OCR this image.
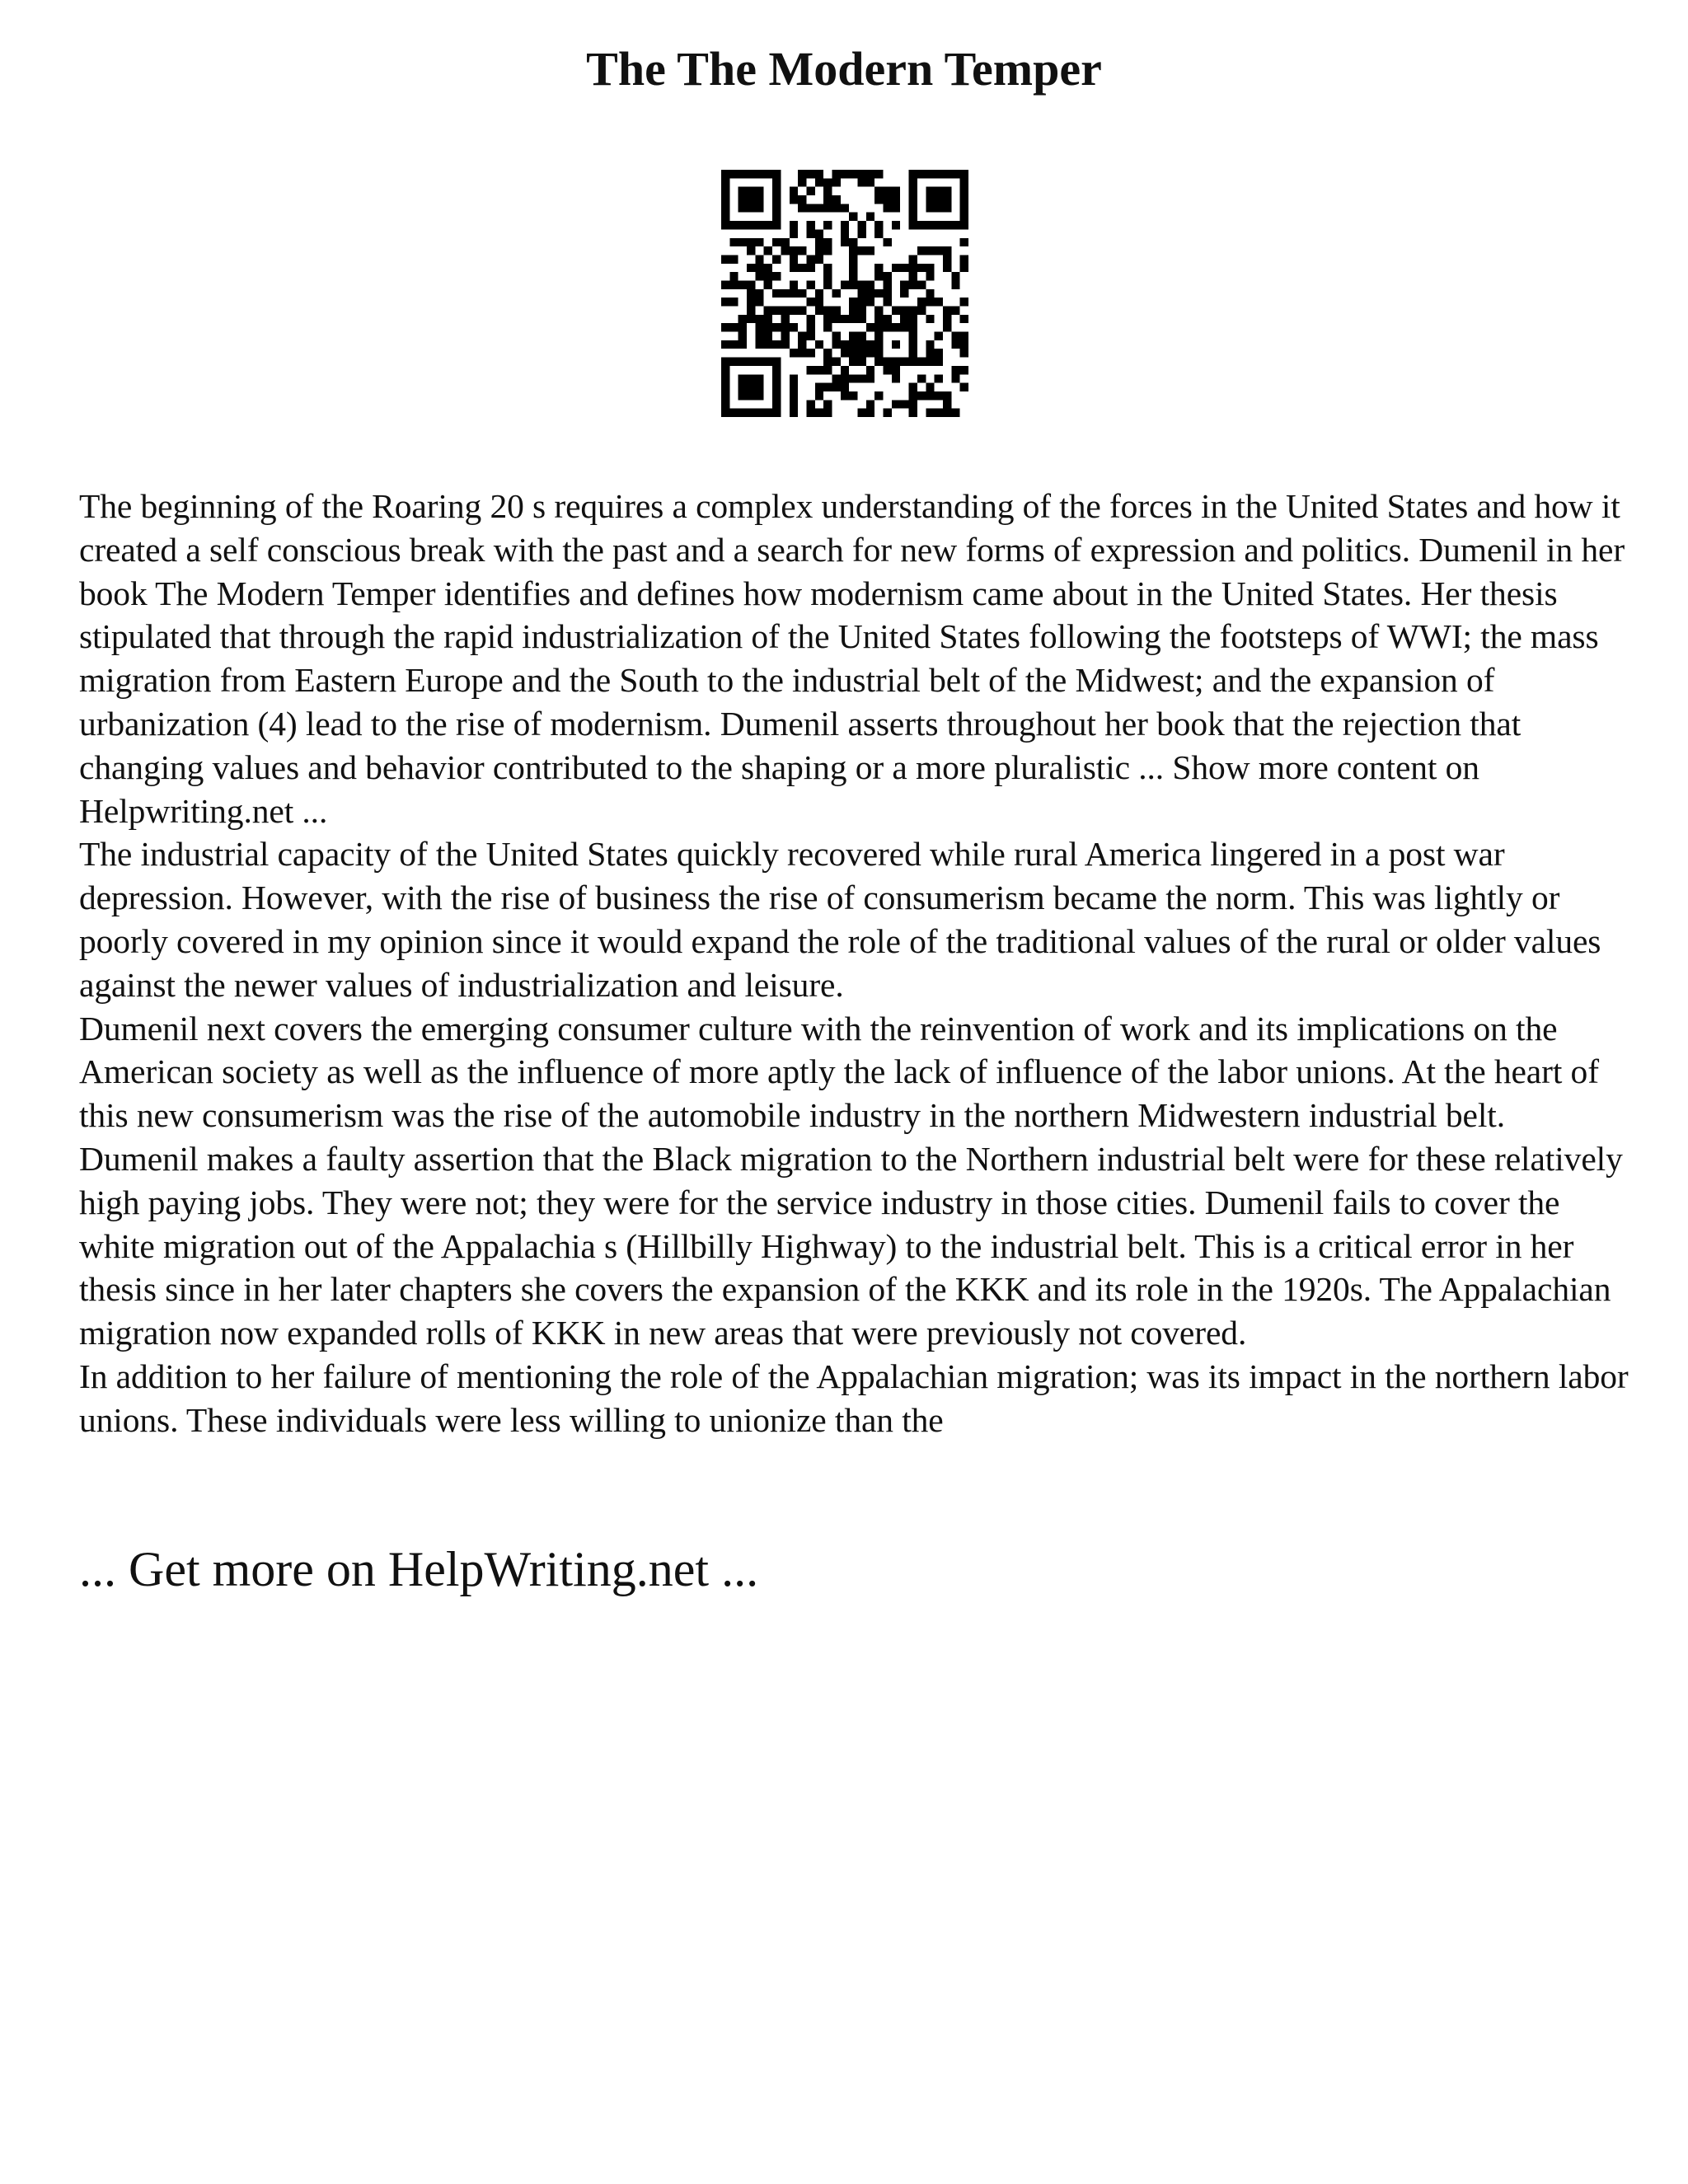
The The Modern Temper

The beginning of the Roaring 20 s requires a complex understanding of the forces in the United States and how it created a self conscious break with the past and a search for new forms of expression and politics. Dumenil in her book The Modern Temper identifies and defines how modernism came about in the United States. Her thesis stipulated that through the rapid industrialization of the United States following the footsteps of WWI; the mass migration from Eastern Europe and the South to the industrial belt of the Midwest; and the expansion of urbanization (4) lead to the rise of modernism. Dumenil asserts throughout her book that the rejection that changing values and behavior contributed to the shaping or a more pluralistic ... Show more content on Helpwriting.net ...

The industrial capacity of the United States quickly recovered while rural America lingered in a post war depression. However, with the rise of business the rise of consumerism became the norm. This was lightly or poorly covered in my opinion since it would expand the role of the traditional values of the rural or older values against the newer values of industrialization and leisure.

Dumenil next covers the emerging consumer culture with the reinvention of work and its implications on the American society as well as the influence of more aptly the lack of influence of the labor unions. At the heart of this new consumerism was the rise of the automobile industry in the northern Midwestern industrial belt. Dumenil makes a faulty assertion that the Black migration to the Northern industrial belt were for these relatively high paying jobs. They were not; they were for the service industry in those cities. Dumenil fails to cover the white migration out of the Appalachia s (Hillbilly Highway) to the industrial belt. This is a critical error in her thesis since in her later chapters she covers the expansion of the KKK and its role in the 1920s. The Appalachian migration now expanded rolls of KKK in new areas that were previously not covered.

In addition to her failure of mentioning the role of the Appalachian migration; was its impact in the northern labor unions. These individuals were less willing to unionize than the

... Get more on HelpWriting.net ...
